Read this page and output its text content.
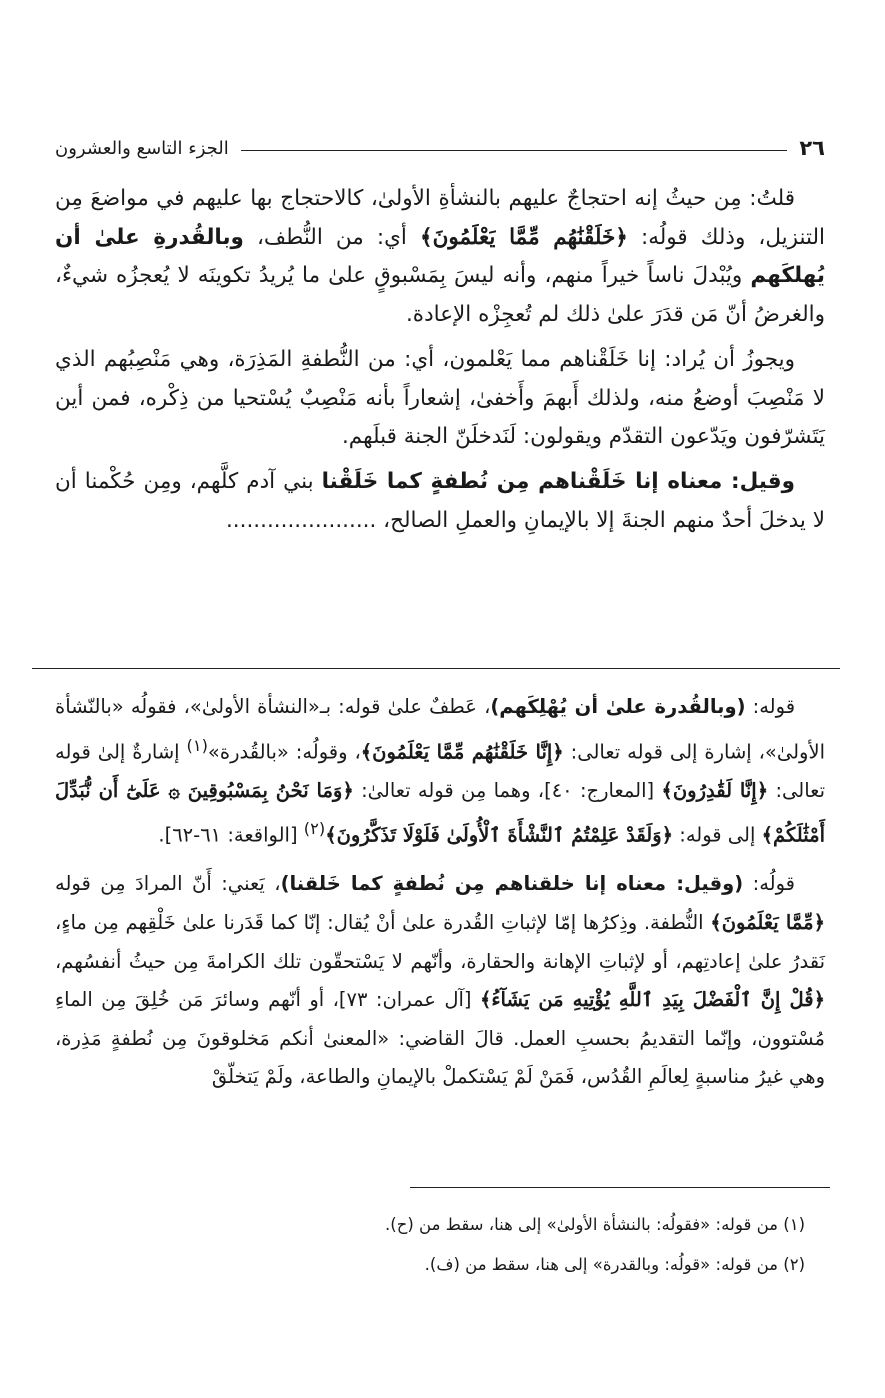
٢٦
الجزء التاسع والعشرون

قلتُ: مِن حيثُ إنه احتجاجٌ عليهم بالنشأةِ الأولىٰ، كالاحتجاج بها عليهم في مواضعَ مِن التنزيل، وذلك قولُه: ﴿خَلَقْنَٰهُم مِّمَّا يَعْلَمُونَ﴾ أي: من النُّطف، وبالقُدرةِ علىٰ أن يُهلكَهم ويُبْدلَ ناساً خيراً منهم، وأنه ليسَ بِمَسْبوقٍ علىٰ ما يُريدُ تكوينَه لا يُعجزُه شيءٌ، والغرضُ أنّ مَن قدَرَ علىٰ ذلك لم تُعجِزْه الإعادة.

ويجوزُ أن يُراد: إنا خَلَقْناهم مما يَعْلمون، أي: من النُّطفةِ المَذِرَة، وهي مَنْصِبُهم الذي لا مَنْصِبَ أوضعُ منه، ولذلك أَبهمَ وأَخفىٰ، إشعاراً بأنه مَنْصِبٌ يُسْتحيا من ذِكْره، فمن أين يَتَشرّفون ويَدّعون التقدّم ويقولون: لَنَدخلَنّ الجنة قبلَهم.

وقيل: معناه إنا خَلَقْناهم مِن نُطفةٍ كما خَلَقْنا بني آدم كلَّهم، ومِن حُكْمنا أن لا يدخلَ أحدٌ منهم الجنةَ إلا بالإيمانِ والعملِ الصالح، ......................

قوله: (وبالقُدرة علىٰ أن يُهْلِكَهم)، عَطفٌ علىٰ قوله: بـ«النشأة الأولىٰ»، فقولُه «بالنّشأة الأولىٰ»، إشارة إلى قوله تعالى: ﴿إِنَّا خَلَقْنَٰهُم مِّمَّا يَعْلَمُونَ﴾، وقولُه: «بالقُدرة»$^{(١)}$ إشارةٌ إلىٰ قوله تعالى: ﴿إِنَّا لَقَٰدِرُونَ﴾ [المعارج: ٤٠]، وهما مِن قوله تعالىٰ: ﴿وَمَا نَحْنُ بِمَسْبُوقِينَ ۞ عَلَىٰٓ أَن نُّبَدِّلَ أَمْثَٰلَكُمْ﴾ إلى قوله: ﴿وَلَقَدْ عَلِمْتُمُ ٱلنَّشْأَةَ ٱلْأُولَىٰ فَلَوْلَا تَذَكَّرُونَ﴾$^{(٢)}$ [الواقعة: ٦١-٦٢].

قولُه: (وقيل: معناه إنا خلقناهم مِن نُطفةٍ كما خَلقنا)، يَعني: أَنّ المرادَ مِن قوله ﴿مِّمَّا يَعْلَمُونَ﴾ النُّطفة. وذِكرُها إمّا لإثباتِ القُدرة علىٰ أنْ يُقال: إنّا كما قَدَرنا علىٰ خَلْقِهم مِن ماءٍ، نَقدرُ علىٰ إعادتِهم، أو لإثباتِ الإهانة والحقارة، وأنّهم لا يَسْتحقّون تلك الكرامةَ مِن حيثُ أنفسُهم، ﴿قُلْ إِنَّ ٱلْفَضْلَ بِيَدِ ٱللَّهِ يُؤْتِيهِ مَن يَشَآءُ﴾ [آل عمران: ٧٣]، أو أنّهم وسائرَ مَن خُلِقَ مِن الماءِ مُسْتوون، وإنّما التقديمُ بحسبِ العمل. قالَ القاضي: «المعنىٰ أنكم مَخلوقونَ مِن نُطفةٍ مَذِرة، وهي غيرُ مناسبةٍ لِعالَمِ القُدُس، فَمَنْ لَمْ يَسْتكملْ بالإيمانِ والطاعة، ولَمْ يَتخلّقْ

(١) من قوله: «فقولُه: بالنشأة الأولىٰ» إلى هنا، سقط من (ح).
(٢) من قوله: «قولُه: وبالقدرة» إلى هنا، سقط من (ف).
